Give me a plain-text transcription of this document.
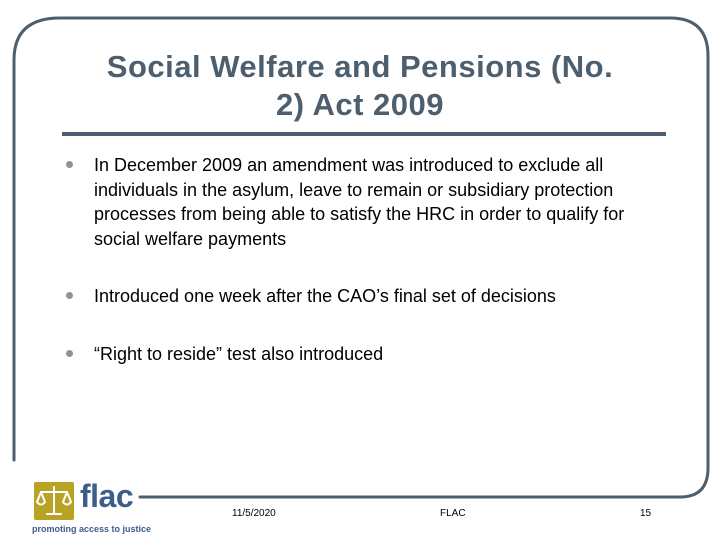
Social Welfare and Pensions (No.
2) Act 2009
In December 2009 an amendment was introduced to exclude all individuals in the asylum, leave to remain or subsidiary protection processes from being able to satisfy the HRC in order to qualify for social welfare payments
Introduced one week after the CAO’s final set of decisions
“Right to reside” test also introduced
flac
promoting access to justice
11/5/2020	FLAC	15
